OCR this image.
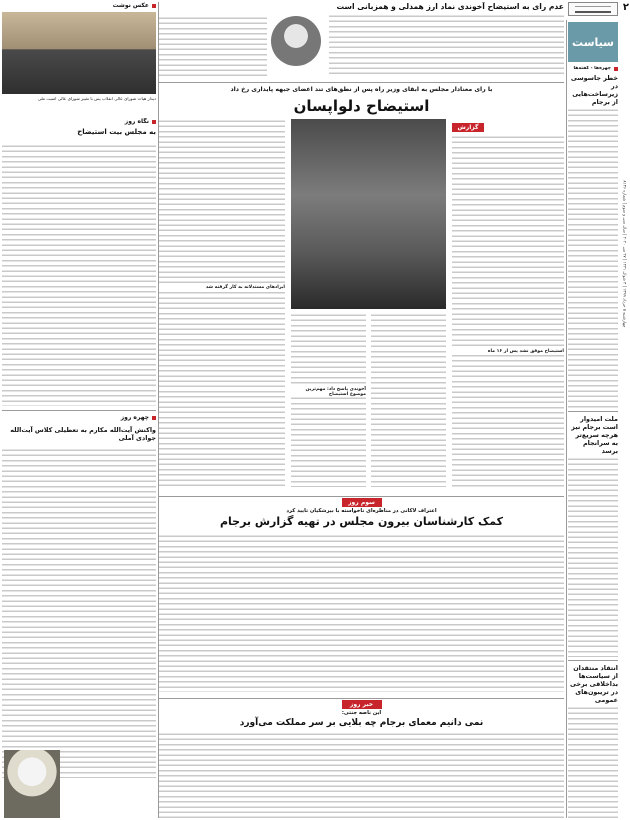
۲
چهارشنبه ۵ خرداد ۱۳۹۹ | ۳ شوال ۱۴۴۱ | ۲۷ می ۲۰۲۰ | سال سی و سوم | شماره ۸۱۳۶
سیاست
چهره‌ها - گفته‌ها
خطر جاسوسی در زیرساخت‌هایی از برجام
ملت امیدوار است برجام نیز هرچه سریع‌تر به سرانجام برسد
انتقاد منتقدان از سیاست‌ها بداخلاقی برخی در تریبون‌های عمومی
عدم رای به استیضاح آخوندی نماد ارز همدلی و همزبانی است
عکس نوشت
دیدار هیات شورای عالی انقلاب پس با تغییر شورای عالی امنیت ملی
با رای معنادار مجلس به ابقای وزیر راه پس از نطق‌های تند اعضای جبهه پایداری رخ داد
استیضاح دلواپسان
گزارش
استیضاح موفق نشد پس از ۱۶ ماه
آخوندی پاسخ داد: مهم‌ترین موضوع استیضاح
ایرادهای مستدلانه به کار گرفته شد
نگاه روز
به مجلس بیت استیضاح
چهره روز
واکنش آیت‌الله مکارم به تعطیلی کلاس آیت‌الله جوادی آملی
سوم روز
اعتراف لاکانی در مناظره‌ای ناخواسته با بیرشکیان تایید کرد
کمک کارشناسان بیرون مجلس در تهیه گزارش برجام
خبر روز
این ناصه جنتی:
نمی دانیم معمای برجام چه بلایی بر سر مملکت می‌آورد
